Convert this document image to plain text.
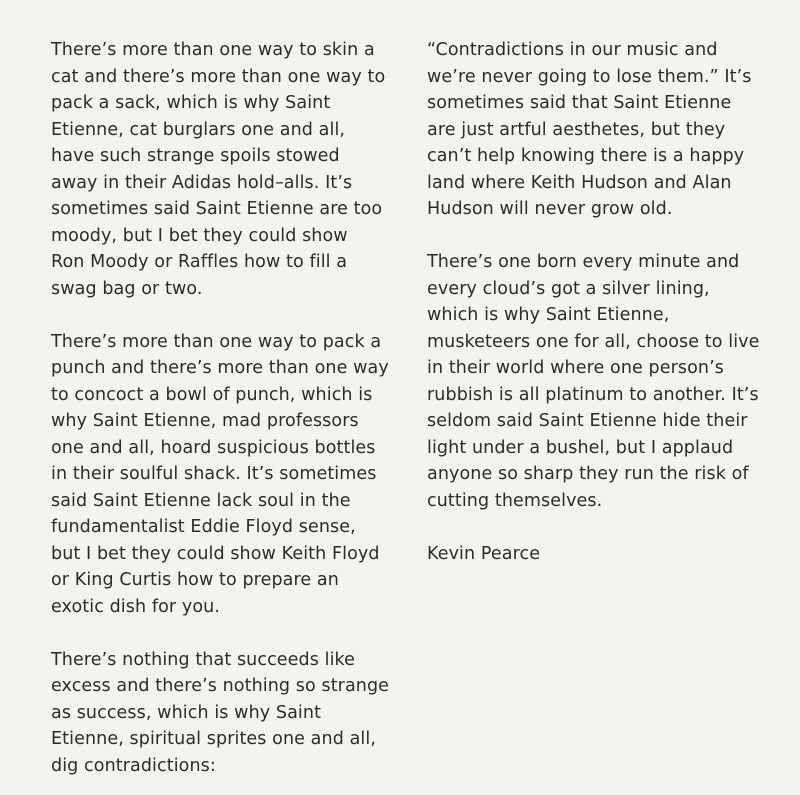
There’s more than one way to skin a
cat and there’s more than one way to
pack a sack, which is why Saint
Etienne, cat burglars one and all,
have such strange spoils stowed
away in their Adidas hold–alls. It’s
sometimes said Saint Etienne are too
moody, but I bet they could show
Ron Moody or Raffles how to fill a
swag bag or two.
There’s more than one way to pack a
punch and there’s more than one way
to concoct a bowl of punch, which is
why Saint Etienne, mad professors
one and all, hoard suspicious bottles
in their soulful shack. It’s sometimes
said Saint Etienne lack soul in the
fundamentalist Eddie Floyd sense,
but I bet they could show Keith Floyd
or King Curtis how to prepare an
exotic dish for you.
There’s nothing that succeeds like
excess and there’s nothing so strange
as success, which is why Saint
Etienne, spiritual sprites one and all,
dig contradictions:
“Contradictions in our music and
we’re never going to lose them.” It’s
sometimes said that Saint Etienne
are just artful aesthetes, but they
can’t help knowing there is a happy
land where Keith Hudson and Alan
Hudson will never grow old.
There’s one born every minute and
every cloud’s got a silver lining,
which is why Saint Etienne,
musketeers one for all, choose to live
in their world where one person’s
rubbish is all platinum to another. It’s
seldom said Saint Etienne hide their
light under a bushel, but I applaud
anyone so sharp they run the risk of
cutting themselves.
Kevin Pearce
